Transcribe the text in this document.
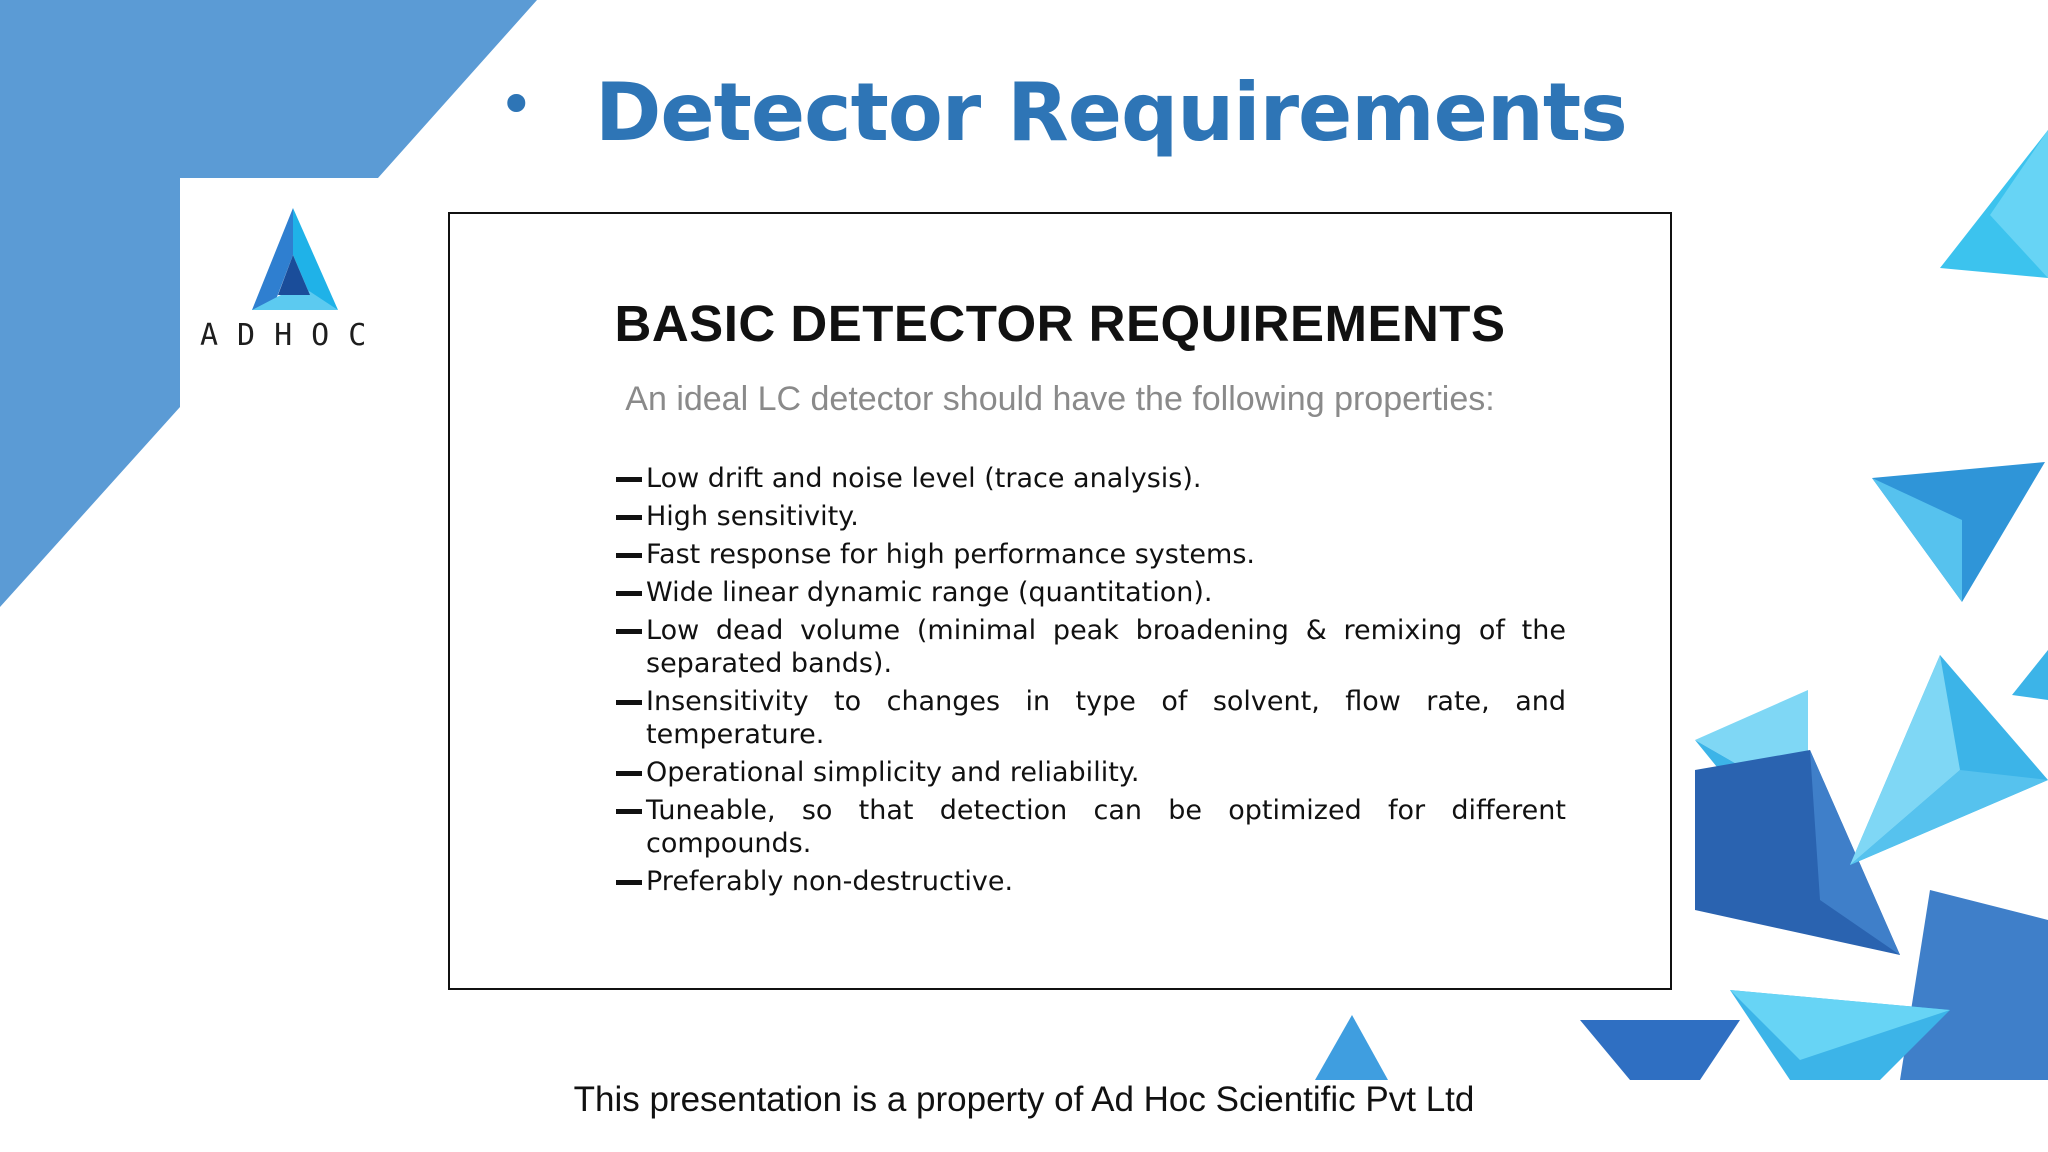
ADHOC
• Detector Requirements
BASIC DETECTOR REQUIREMENTS
An ideal LC detector should have the following properties:
Low drift and noise level (trace analysis).
High sensitivity.
Fast response for high performance systems.
Wide linear dynamic range (quantitation).
Low dead volume (minimal peak broadening & remixing of the separated bands).
Insensitivity to changes in type of solvent, flow rate, and temperature.
Operational simplicity and reliability.
Tuneable, so that detection can be optimized for different compounds.
Preferably non-destructive.
This presentation is a property of Ad Hoc Scientific Pvt Ltd
